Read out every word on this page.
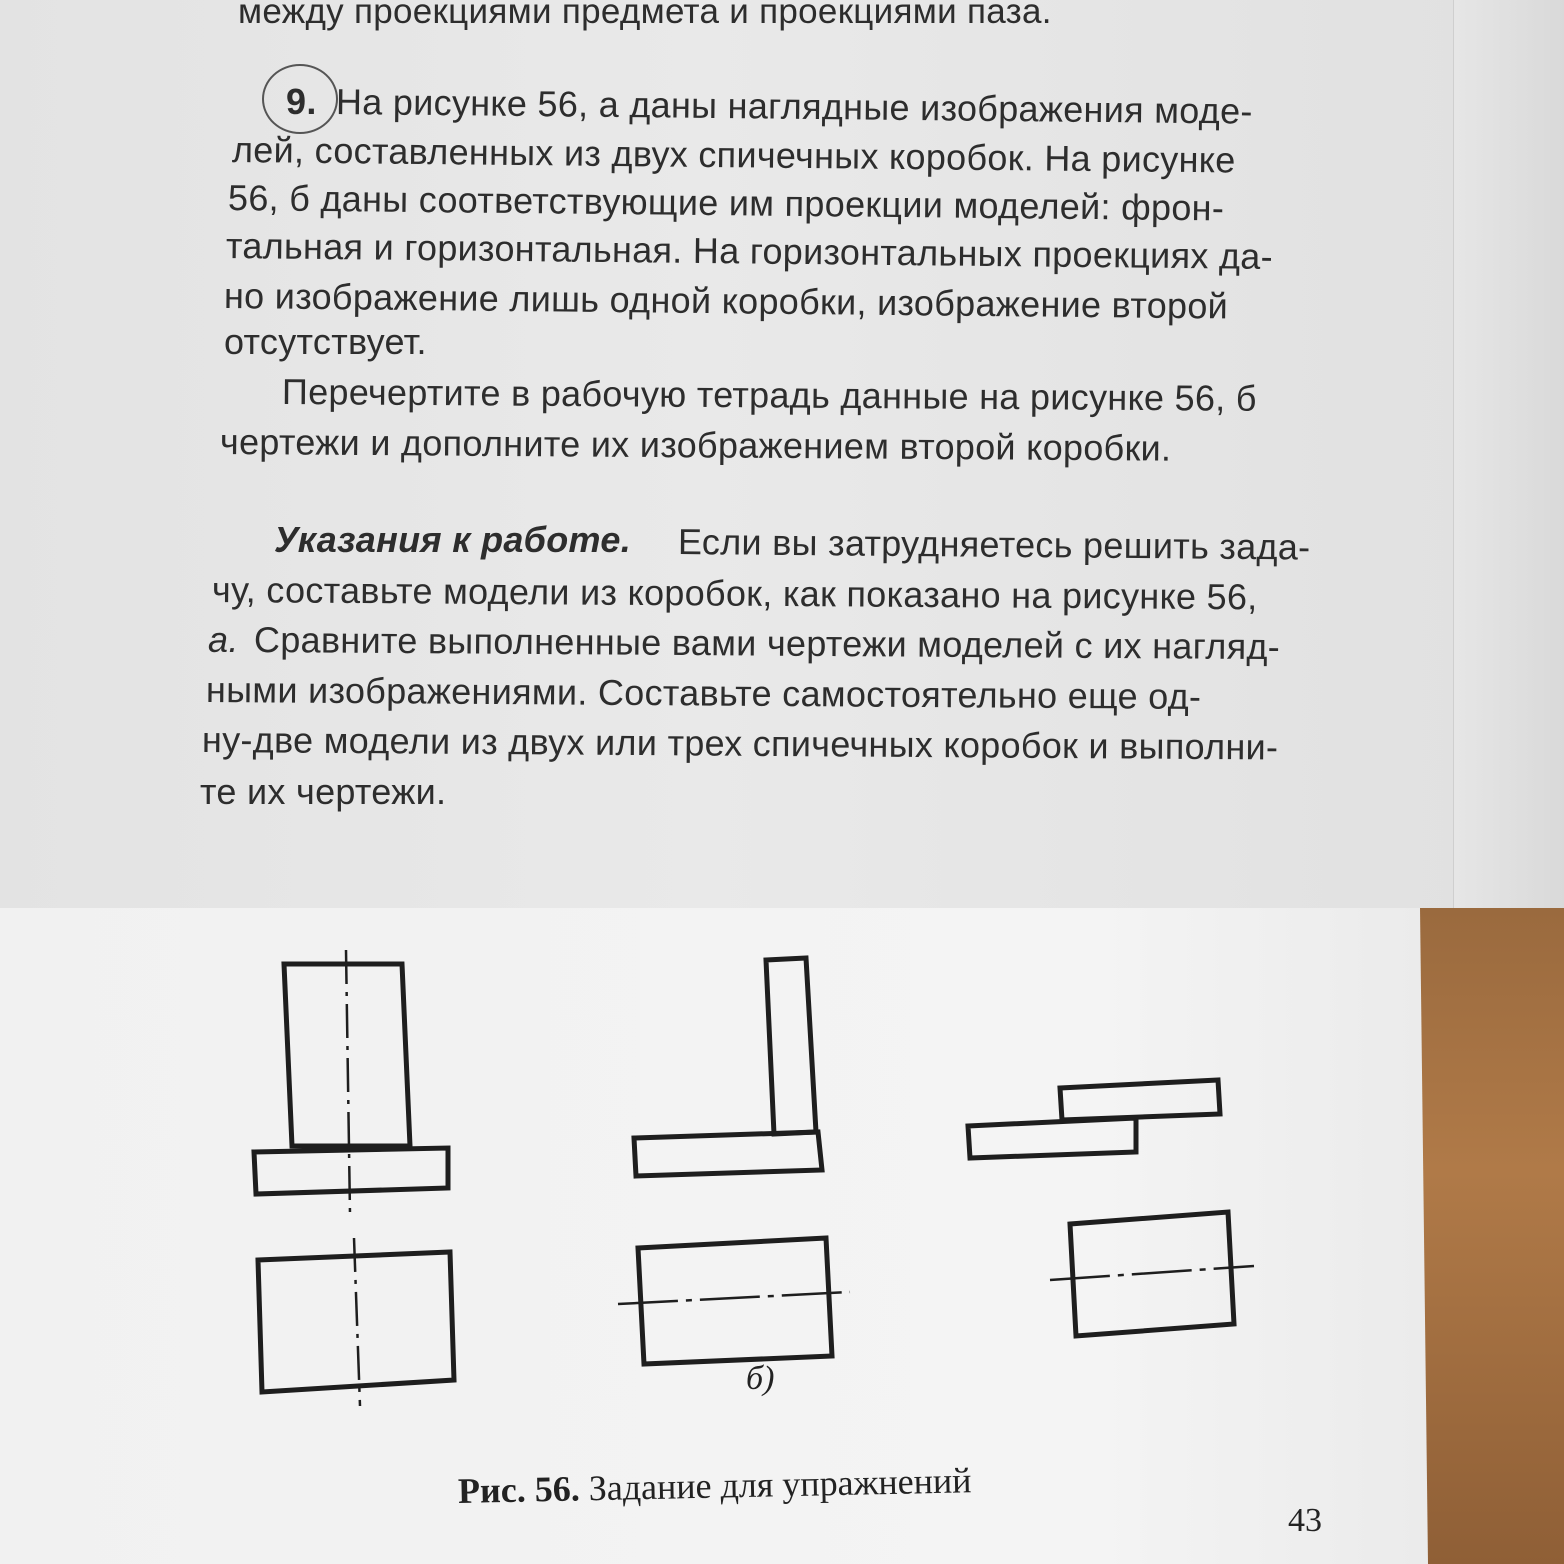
между проекциями предмета и проекциями паза.
9. На рисунке 56, а даны наглядные изображения моде-
лей, составленных из двух спичечных коробок. На рисунке
56, б даны соответствующие им проекции моделей: фрон-
тальная и горизонтальная. На горизонтальных проекциях да-
но изображение лишь одной коробки, изображение второй
отсутствует.
Перечертите в рабочую тетрадь данные на рисунке 56, б
чертежи и дополните их изображением второй коробки.
Указания к работе. Если вы затрудняетесь решить зада-
чу, составьте модели из коробок, как показано на рисунке 56,
а. Сравните выполненные вами чертежи моделей с их нагляд-
ными изображениями. Составьте самостоятельно еще од-
ну-две модели из двух или трех спичечных коробок и выполни-
те их чертежи.
б)
Рис. 56. Задание для упражнений
43
